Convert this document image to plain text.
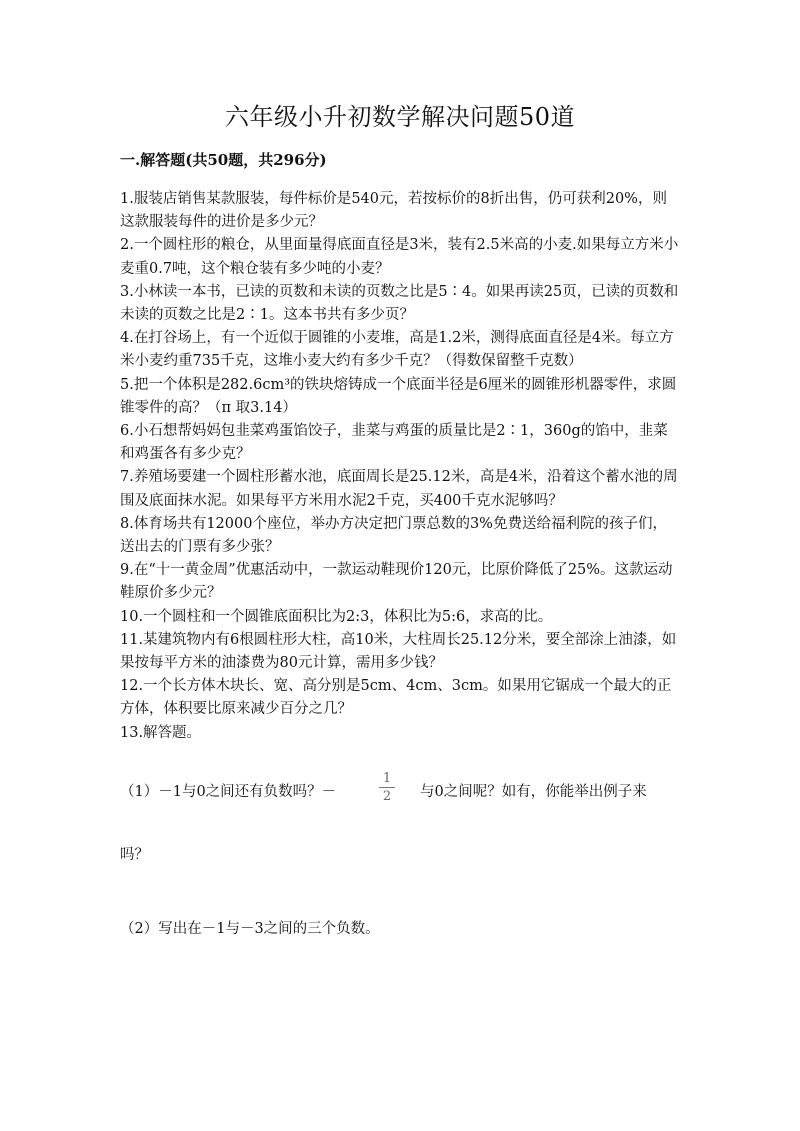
六年级小升初数学解决问题50道
一.解答题(共50题，共296分)

1.服装店销售某款服装，每件标价是540元，若按标价的8折出售，仍可获利20%，则这款服装每件的进价是多少元？

2.一个圆柱形的粮仓，从里面量得底面直径是3米，装有2.5米高的小麦.如果每立方米小麦重0.7吨，这个粮仓装有多少吨的小麦？

3.小林读一本书，已读的页数和未读的页数之比是5∶4。如果再读25页，已读的页数和未读的页数之比是2∶1。这本书共有多少页？

4.在打谷场上，有一个近似于圆锥的小麦堆，高是1.2米，测得底面直径是4米。每立方米小麦约重735千克，这堆小麦大约有多少千克？（得数保留整千克数）

5.把一个体积是282.6cm³的铁块熔铸成一个底面半径是6厘米的圆锥形机器零件，求圆锥零件的高？（π 取3.14）

6.小石想帮妈妈包韭菜鸡蛋馅饺子，韭菜与鸡蛋的质量比是2∶1，360g的馅中，韭菜和鸡蛋各有多少克？

7.养殖场要建一个圆柱形蓄水池，底面周长是25.12米，高是4米，沿着这个蓄水池的周围及底面抹水泥。如果每平方米用水泥2千克，买400千克水泥够吗？

8.体育场共有12000个座位，举办方决定把门票总数的3%免费送给福利院的孩子们，送出去的门票有多少张？

9.在“十一黄金周”优惠活动中，一款运动鞋现价120元，比原价降低了25%。这款运动鞋原价多少元？

10.一个圆柱和一个圆锥底面积比为2:3，体积比为5:6，求高的比。

11.某建筑物内有6根圆柱形大柱，高10米，大柱周长25.12分米，要全部涂上油漆，如果按每平方米的油漆费为80元计算，需用多少钱？

12.一个长方体木块长、宽、高分别是5cm、4cm、3cm。如果用它锯成一个最大的正方体，体积要比原来减少百分之几？

13.解答题。

（1）－1与0之间还有负数吗？－
1
2 与0之间呢？如有，你能举出例子来
吗？
（2）写出在－1与－3之间的三个负数。
